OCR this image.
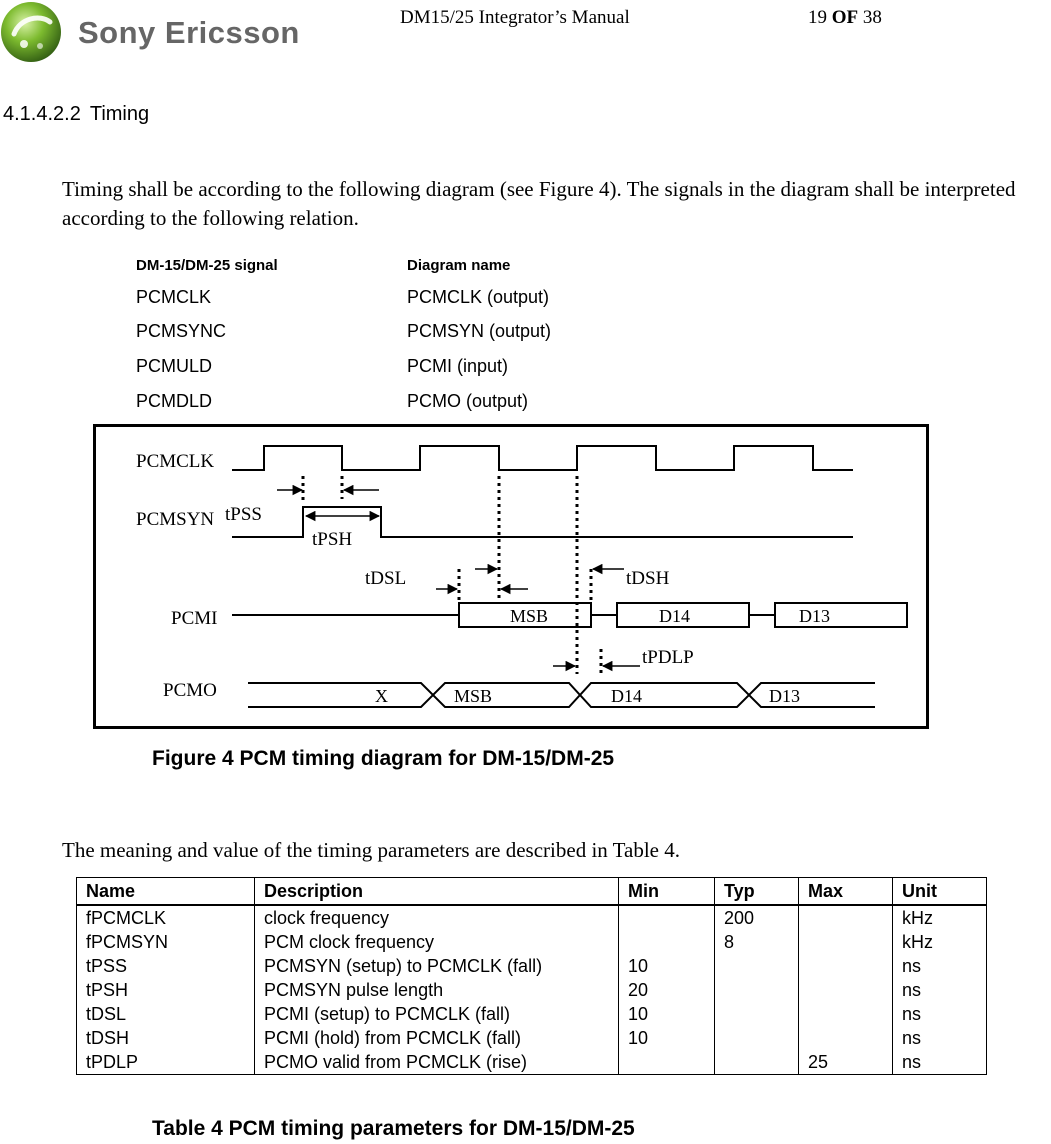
Sony Ericsson	DM15/25 Integrator’s Manual	19 OF 38
4.1.4.2.2 Timing
Timing shall be according to the following diagram (see Figure 4). The signals in the diagram shall be interpreted according to the following relation.
DM-15/DM-25 signal	Diagram name
PCMCLK	PCMCLK (output)
PCMSYNC	PCMSYN (output)
PCMULD	PCMI (input)
PCMDLD	PCMO (output)
PCMCLK
PCMSYN
PCMI
PCMO
tPSS
tPSH
tDSL	tDSH
tPDLP
MSB	D14	D13
X	MSB	D14	D13
Figure 4 PCM timing diagram for DM-15/DM-25
The meaning and value of the timing parameters are described in Table 4.
Name	Description	Min	Typ	Max	Unit
fPCMCLK	clock frequency		200		kHz
fPCMSYN	PCM clock frequency		8		kHz
tPSS	PCMSYN (setup) to PCMCLK (fall)	10			ns
tPSH	PCMSYN pulse length	20			ns
tDSL	PCMI (setup) to PCMCLK (fall)	10			ns
tDSH	PCMI (hold) from PCMCLK (fall)	10			ns
tPDLP	PCMO valid from PCMCLK (rise)			25	ns
Table 4 PCM timing parameters for DM-15/DM-25
